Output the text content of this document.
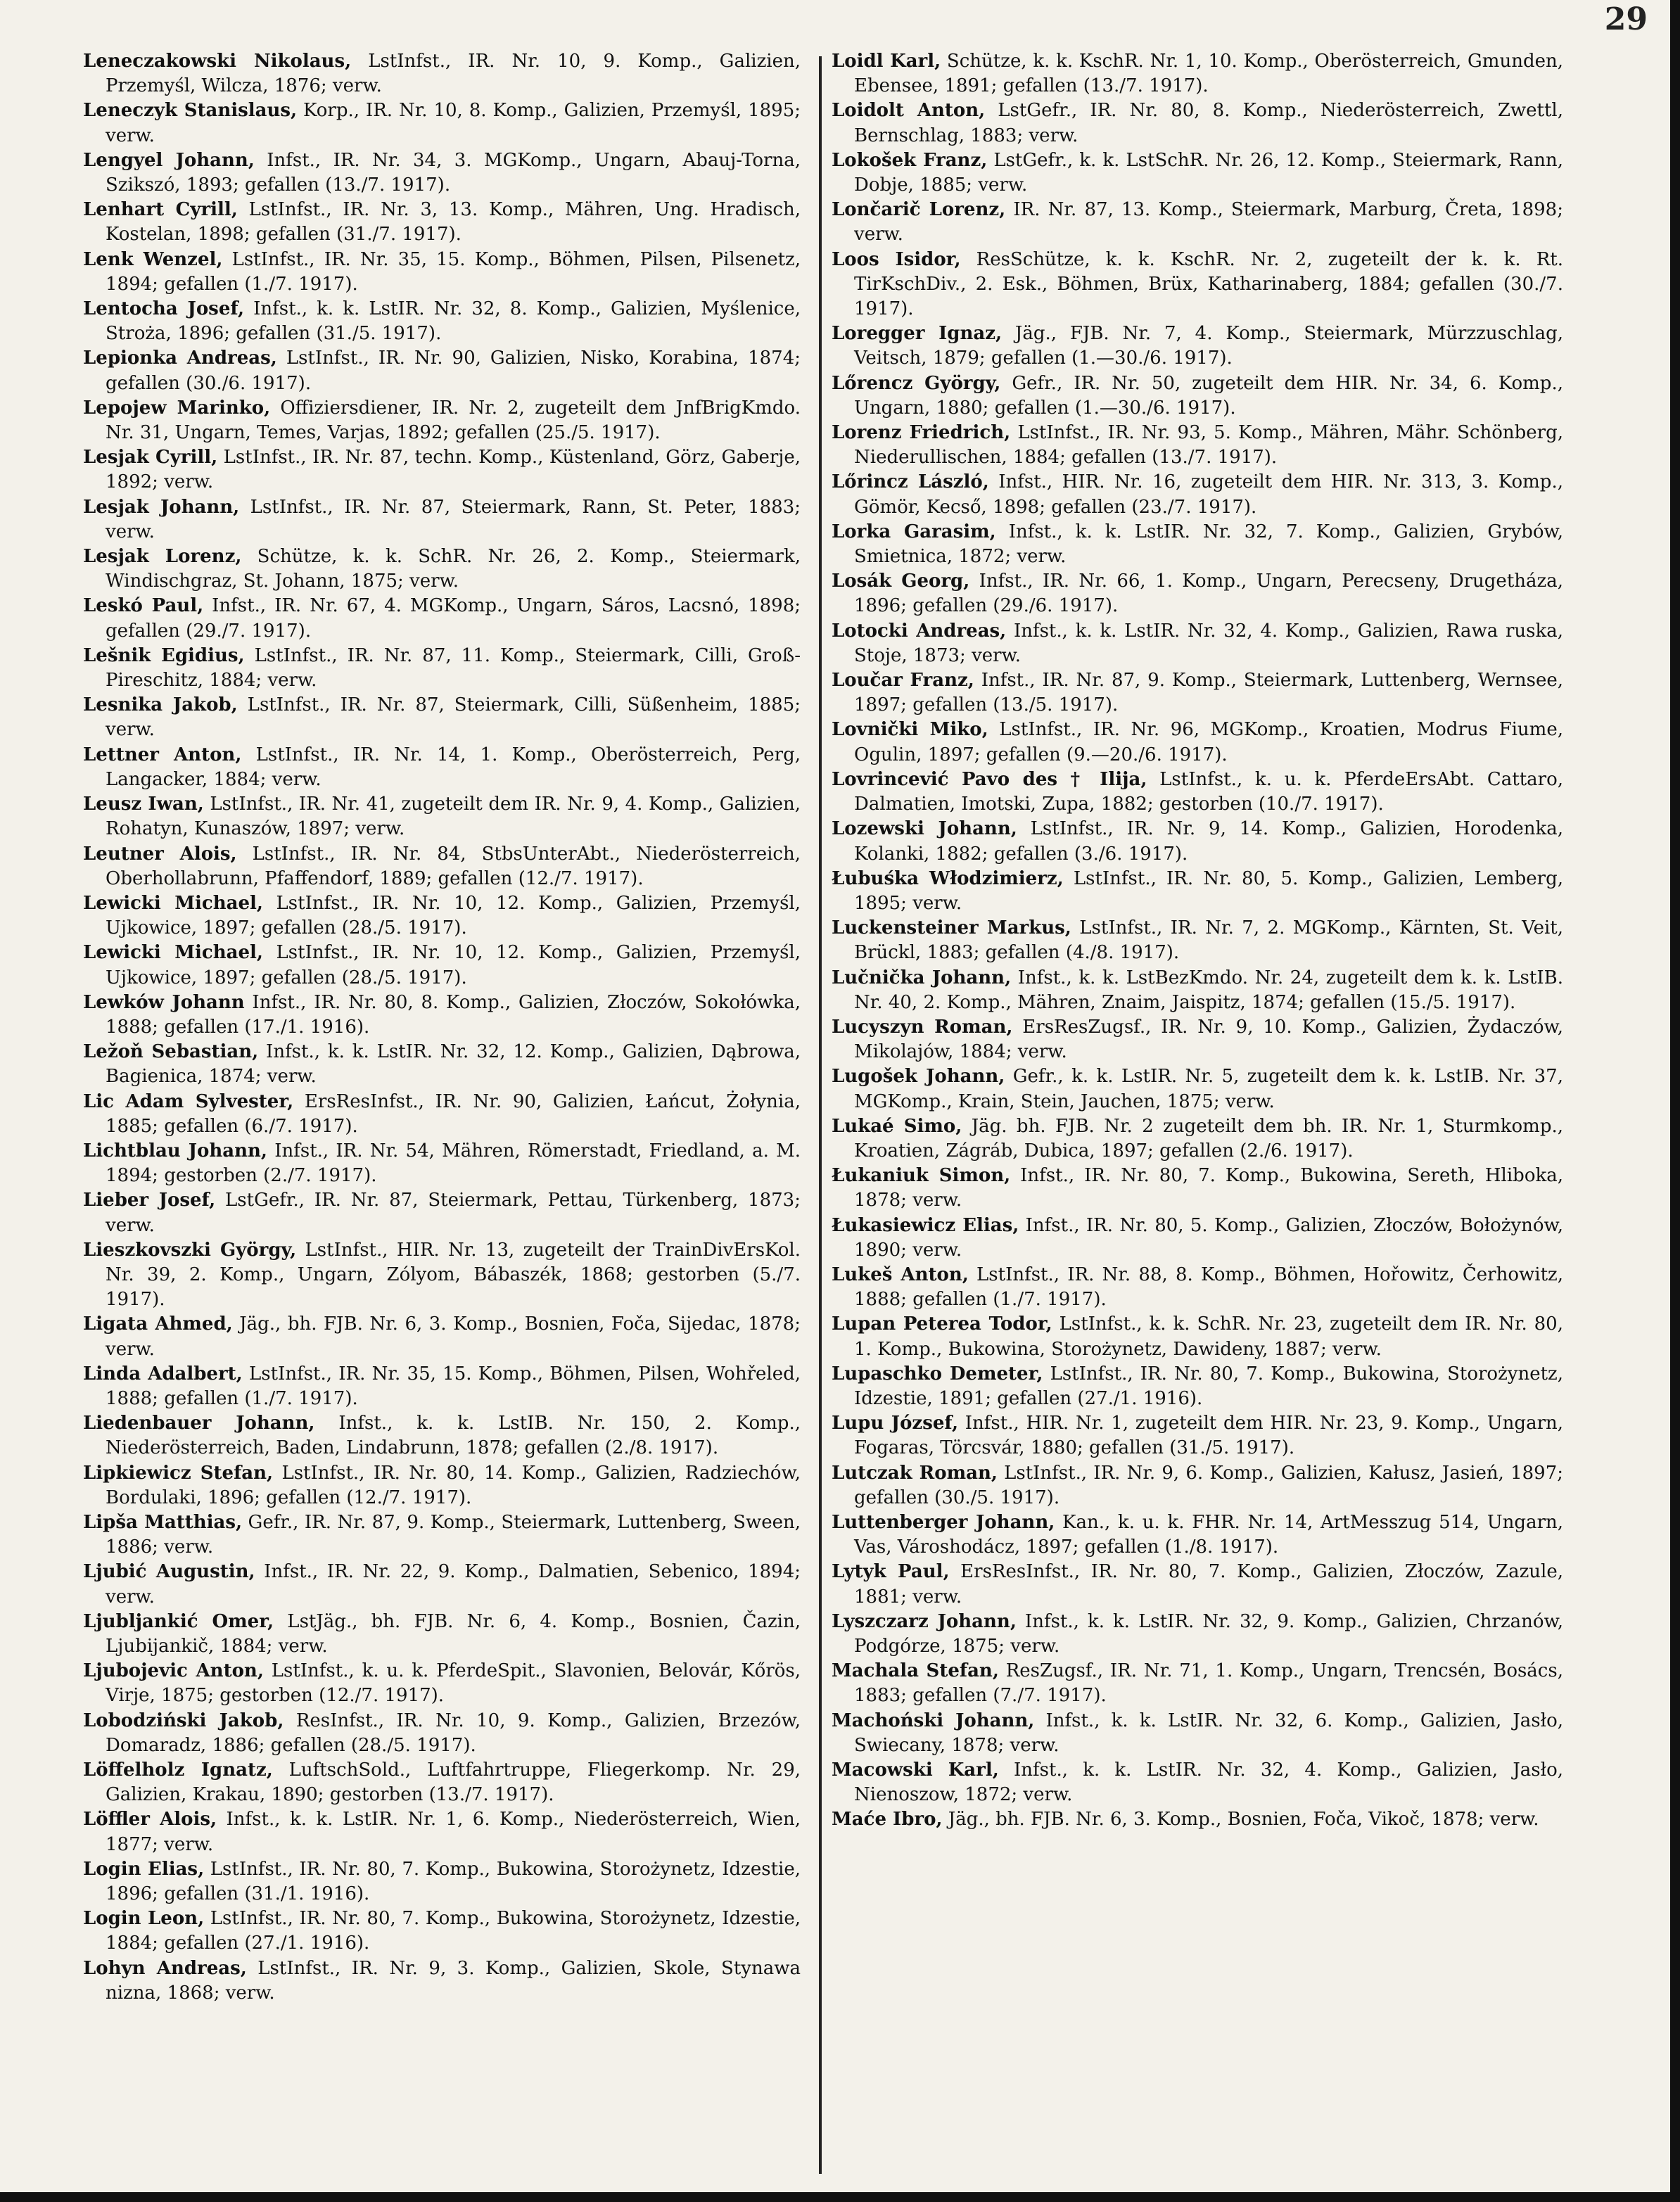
29

Leneczakowski Nikolaus, LstInfst., IR. Nr. 10, 9. Komp., Galizien, Przemyśl, Wilcza, 1876; verw.

Leneczyk Stanislaus, Korp., IR. Nr. 10, 8. Komp., Galizien, Przemyśl, 1895; verw.

Lengyel Johann, Infst., IR. Nr. 34, 3. MGKomp., Ungarn, Abauj-Torna, Szikszó, 1893; gefallen (13./7. 1917).

Lenhart Cyrill, LstInfst., IR. Nr. 3, 13. Komp., Mähren, Ung. Hradisch, Kostelan, 1898; gefallen (31./7. 1917).

Lenk Wenzel, LstInfst., IR. Nr. 35, 15. Komp., Böhmen, Pilsen, Pilsenetz, 1894; gefallen (1./7. 1917).

Lentocha Josef, Infst., k. k. LstIR. Nr. 32, 8. Komp., Galizien, Myślenice, Stroża, 1896; gefallen (31./5. 1917).

Lepionka Andreas, LstInfst., IR. Nr. 90, Galizien, Nisko, Korabina, 1874; gefallen (30./6. 1917).

Lepojew Marinko, Offiziersdiener, IR. Nr. 2, zugeteilt dem JnfBrigKmdo. Nr. 31, Ungarn, Temes, Varjas, 1892; gefallen (25./5. 1917).

Lesjak Cyrill, LstInfst., IR. Nr. 87, techn. Komp., Küstenland, Görz, Gaberje, 1892; verw.

Lesjak Johann, LstInfst., IR. Nr. 87, Steiermark, Rann, St. Peter, 1883; verw.

Lesjak Lorenz, Schütze, k. k. SchR. Nr. 26, 2. Komp., Steiermark, Windischgraz, St. Johann, 1875; verw.

Leskó Paul, Infst., IR. Nr. 67, 4. MGKomp., Ungarn, Sáros, Lacsnó, 1898; gefallen (29./7. 1917).

Lešnik Egidius, LstInfst., IR. Nr. 87, 11. Komp., Steiermark, Cilli, Groß-Pireschitz, 1884; verw.

Lesnika Jakob, LstInfst., IR. Nr. 87, Steiermark, Cilli, Süßenheim, 1885; verw.

Lettner Anton, LstInfst., IR. Nr. 14, 1. Komp., Oberösterreich, Perg, Langacker, 1884; verw.

Leusz Iwan, LstInfst., IR. Nr. 41, zugeteilt dem IR. Nr. 9, 4. Komp., Galizien, Rohatyn, Kunaszów, 1897; verw.

Leutner Alois, LstInfst., IR. Nr. 84, StbsUnterAbt., Niederösterreich, Oberhollabrunn, Pfaffendorf, 1889; gefallen (12./7. 1917).

Lewicki Michael, LstInfst., IR. Nr. 10, 12. Komp., Galizien, Przemyśl, Ujkowice, 1897; gefallen (28./5. 1917).

Lewicki Michael, LstInfst., IR. Nr. 10, 12. Komp., Galizien, Przemyśl, Ujkowice, 1897; gefallen (28./5. 1917).

Lewków Johann Infst., IR. Nr. 80, 8. Komp., Galizien, Złoczów, Sokołówka, 1888; gefallen (17./1. 1916).

Ležoň Sebastian, Infst., k. k. LstIR. Nr. 32, 12. Komp., Galizien, Dąbrowa, Bagienica, 1874; verw.

Lic Adam Sylvester, ErsResInfst., IR. Nr. 90, Galizien, Łańcut, Żołynia, 1885; gefallen (6./7. 1917).

Lichtblau Johann, Infst., IR. Nr. 54, Mähren, Römerstadt, Friedland, a. M. 1894; gestorben (2./7. 1917).

Lieber Josef, LstGefr., IR. Nr. 87, Steiermark, Pettau, Türkenberg, 1873; verw.

Lieszkovszki György, LstInfst., HIR. Nr. 13, zugeteilt der TrainDivErsKol. Nr. 39, 2. Komp., Ungarn, Zólyom, Bábaszék, 1868; gestorben (5./7. 1917).

Ligata Ahmed, Jäg., bh. FJB. Nr. 6, 3. Komp., Bosnien, Foča, Sijedac, 1878; verw.

Linda Adalbert, LstInfst., IR. Nr. 35, 15. Komp., Böhmen, Pilsen, Wohřeled, 1888; gefallen (1./7. 1917).

Liedenbauer Johann, Infst., k. k. LstIB. Nr. 150, 2. Komp., Niederösterreich, Baden, Lindabrunn, 1878; gefallen (2./8. 1917).

Lipkiewicz Stefan, LstInfst., IR. Nr. 80, 14. Komp., Galizien, Radziechów, Bordulaki, 1896; gefallen (12./7. 1917).

Lipša Matthias, Gefr., IR. Nr. 87, 9. Komp., Steiermark, Luttenberg, Sween, 1886; verw.

Ljubić Augustin, Infst., IR. Nr. 22, 9. Komp., Dalmatien, Sebenico, 1894; verw.

Ljubljankić Omer, LstJäg., bh. FJB. Nr. 6, 4. Komp., Bosnien, Čazin, Ljubijankič, 1884; verw.

Ljubojevic Anton, LstInfst., k. u. k. PferdeSpit., Slavonien, Belovár, Kőrös, Virje, 1875; gestorben (12./7. 1917).

Lobodziński Jakob, ResInfst., IR. Nr. 10, 9. Komp., Galizien, Brzezów, Domaradz, 1886; gefallen (28./5. 1917).

Löffelholz Ignatz, LuftschSold., Luftfahrtruppe, Fliegerkomp. Nr. 29, Galizien, Krakau, 1890; gestorben (13./7. 1917).

Löffler Alois, Infst., k. k. LstIR. Nr. 1, 6. Komp., Niederösterreich, Wien, 1877; verw.

Login Elias, LstInfst., IR. Nr. 80, 7. Komp., Bukowina, Storożynetz, Idzestie, 1896; gefallen (31./1. 1916).

Login Leon, LstInfst., IR. Nr. 80, 7. Komp., Bukowina, Storożynetz, Idzestie, 1884; gefallen (27./1. 1916).

Lohyn Andreas, LstInfst., IR. Nr. 9, 3. Komp., Galizien, Skole, Stynawa nizna, 1868; verw.

Loidl Karl, Schütze, k. k. KschR. Nr. 1, 10. Komp., Oberösterreich, Gmunden, Ebensee, 1891; gefallen (13./7. 1917).

Loidolt Anton, LstGefr., IR. Nr. 80, 8. Komp., Niederösterreich, Zwettl, Bernschlag, 1883; verw.

Lokošek Franz, LstGefr., k. k. LstSchR. Nr. 26, 12. Komp., Steiermark, Rann, Dobje, 1885; verw.

Lončarič Lorenz, IR. Nr. 87, 13. Komp., Steiermark, Marburg, Čreta, 1898; verw.

Loos Isidor, ResSchütze, k. k. KschR. Nr. 2, zugeteilt der k. k. Rt. TirKschDiv., 2. Esk., Böhmen, Brüx, Katharinaberg, 1884; gefallen (30./7. 1917).

Loregger Ignaz, Jäg., FJB. Nr. 7, 4. Komp., Steiermark, Mürzzuschlag, Veitsch, 1879; gefallen (1.—30./6. 1917).

Lőrencz György, Gefr., IR. Nr. 50, zugeteilt dem HIR. Nr. 34, 6. Komp., Ungarn, 1880; gefallen (1.—30./6. 1917).

Lorenz Friedrich, LstInfst., IR. Nr. 93, 5. Komp., Mähren, Mähr. Schönberg, Niederullischen, 1884; gefallen (13./7. 1917).

Lőrincz László, Infst., HIR. Nr. 16, zugeteilt dem HIR. Nr. 313, 3. Komp., Gömör, Kecső, 1898; gefallen (23./7. 1917).

Lorka Garasim, Infst., k. k. LstIR. Nr. 32, 7. Komp., Galizien, Grybów, Smietnica, 1872; verw.

Losák Georg, Infst., IR. Nr. 66, 1. Komp., Ungarn, Perecseny, Drugetháza, 1896; gefallen (29./6. 1917).

Lotocki Andreas, Infst., k. k. LstIR. Nr. 32, 4. Komp., Galizien, Rawa ruska, Stoje, 1873; verw.

Loučar Franz, Infst., IR. Nr. 87, 9. Komp., Steiermark, Luttenberg, Wernsee, 1897; gefallen (13./5. 1917).

Lovnički Miko, LstInfst., IR. Nr. 96, MGKomp., Kroatien, Modrus Fiume, Ogulin, 1897; gefallen (9.—20./6. 1917).

Lovrincević Pavo des † Ilija, LstInfst., k. u. k. PferdeErsAbt. Cattaro, Dalmatien, Imotski, Zupa, 1882; gestorben (10./7. 1917).

Lozewski Johann, LstInfst., IR. Nr. 9, 14. Komp., Galizien, Horodenka, Kolanki, 1882; gefallen (3./6. 1917).

Łubuśka Włodzimierz, LstInfst., IR. Nr. 80, 5. Komp., Galizien, Lemberg, 1895; verw.

Luckensteiner Markus, LstInfst., IR. Nr. 7, 2. MGKomp., Kärnten, St. Veit, Brückl, 1883; gefallen (4./8. 1917).

Lučnička Johann, Infst., k. k. LstBezKmdo. Nr. 24, zugeteilt dem k. k. LstIB. Nr. 40, 2. Komp., Mähren, Znaim, Jaispitz, 1874; gefallen (15./5. 1917).

Lucyszyn Roman, ErsResZugsf., IR. Nr. 9, 10. Komp., Galizien, Żydaczów, Mikolajów, 1884; verw.

Lugošek Johann, Gefr., k. k. LstIR. Nr. 5, zugeteilt dem k. k. LstIB. Nr. 37, MGKomp., Krain, Stein, Jauchen, 1875; verw.

Lukaé Simo, Jäg. bh. FJB. Nr. 2 zugeteilt dem bh. IR. Nr. 1, Sturmkomp., Kroatien, Zágráb, Dubica, 1897; gefallen (2./6. 1917).

Łukaniuk Simon, Infst., IR. Nr. 80, 7. Komp., Bukowina, Sereth, Hliboka, 1878; verw.

Łukasiewicz Elias, Infst., IR. Nr. 80, 5. Komp., Galizien, Złoczów, Bołożynów, 1890; verw.

Lukeš Anton, LstInfst., IR. Nr. 88, 8. Komp., Böhmen, Hořowitz, Čerhowitz, 1888; gefallen (1./7. 1917).

Lupan Peterea Todor, LstInfst., k. k. SchR. Nr. 23, zugeteilt dem IR. Nr. 80, 1. Komp., Bukowina, Storożynetz, Dawideny, 1887; verw.

Lupaschko Demeter, LstInfst., IR. Nr. 80, 7. Komp., Bukowina, Storożynetz, Idzestie, 1891; gefallen (27./1. 1916).

Lupu József, Infst., HIR. Nr. 1, zugeteilt dem HIR. Nr. 23, 9. Komp., Ungarn, Fogaras, Törcsvár, 1880; gefallen (31./5. 1917).

Lutczak Roman, LstInfst., IR. Nr. 9, 6. Komp., Galizien, Kałusz, Jasień, 1897; gefallen (30./5. 1917).

Luttenberger Johann, Kan., k. u. k. FHR. Nr. 14, ArtMesszug 514, Ungarn, Vas, Városhodácz, 1897; gefallen (1./8. 1917).

Lytyk Paul, ErsResInfst., IR. Nr. 80, 7. Komp., Galizien, Złoczów, Zazule, 1881; verw.

Lyszczarz Johann, Infst., k. k. LstIR. Nr. 32, 9. Komp., Galizien, Chrzanów, Podgórze, 1875; verw.

Machala Stefan, ResZugsf., IR. Nr. 71, 1. Komp., Ungarn, Trencsén, Bosács, 1883; gefallen (7./7. 1917).

Machoński Johann, Infst., k. k. LstIR. Nr. 32, 6. Komp., Galizien, Jasło, Swiecany, 1878; verw.

Macowski Karl, Infst., k. k. LstIR. Nr. 32, 4. Komp., Galizien, Jasło, Nienoszow, 1872; verw.

Maće Ibro, Jäg., bh. FJB. Nr. 6, 3. Komp., Bosnien, Foča, Vikoč, 1878; verw.
